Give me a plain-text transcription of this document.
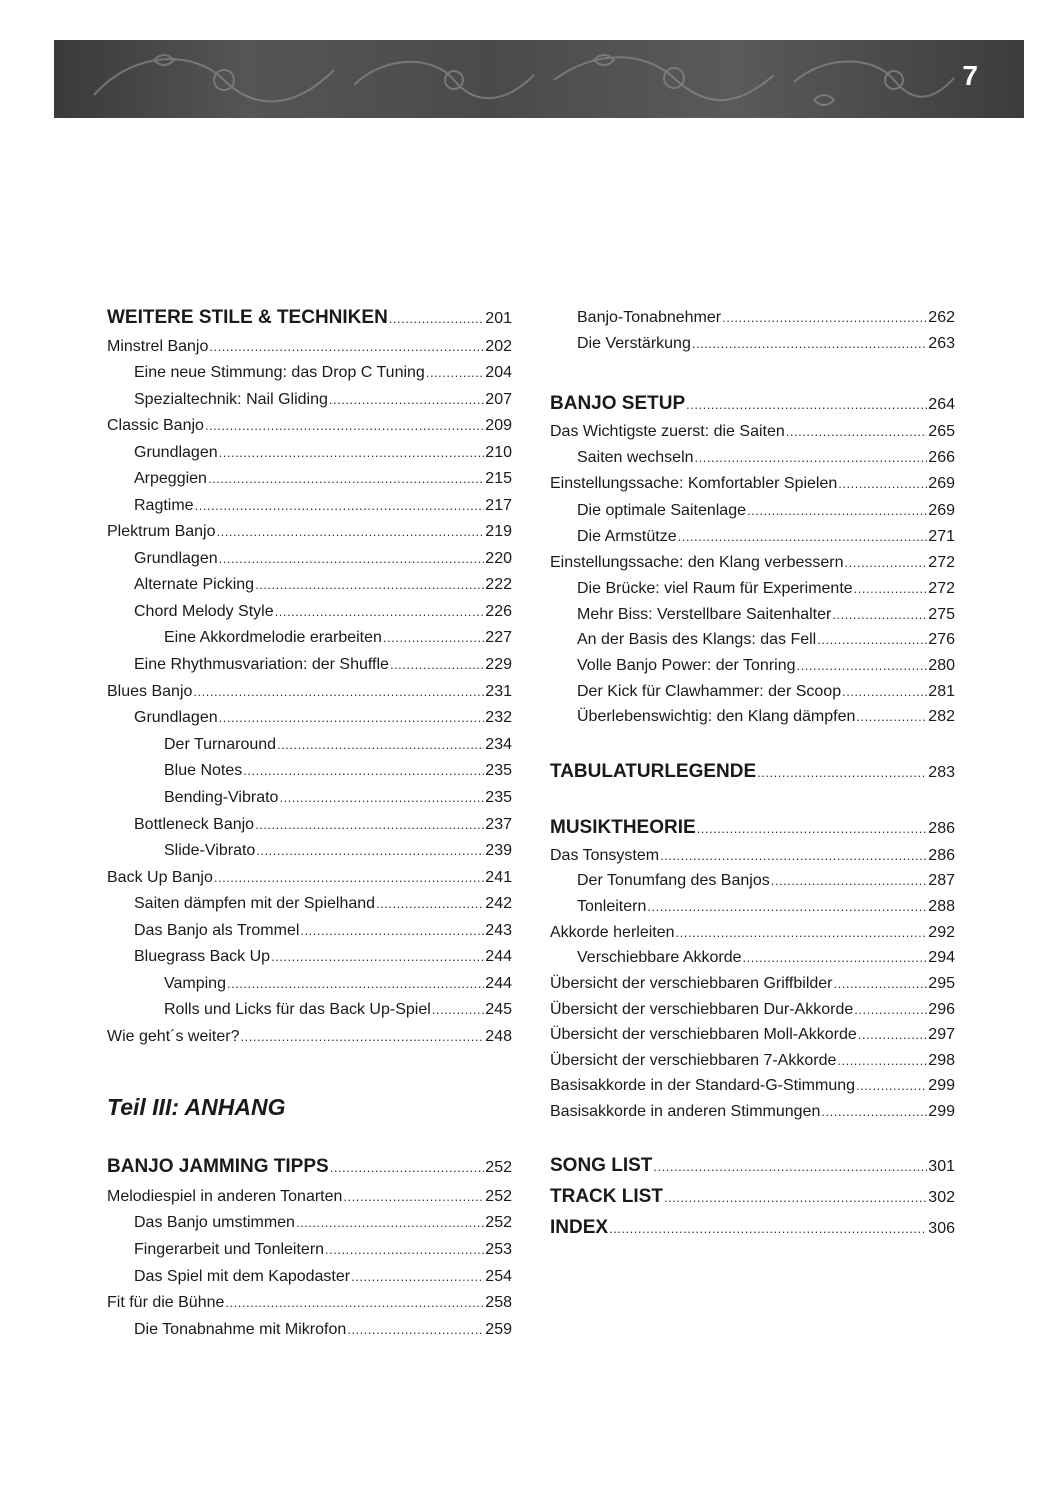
7
WEITERE STILE & TECHNIKEN .....	201
Minstrel Banjo .....	202
Eine neue Stimmung: das Drop C Tuning .....	204
Spezialtechnik: Nail Gliding .....	207
Classic Banjo .....	209
Grundlagen .....	210
Arpeggien .....	215
Ragtime .....	217
Plektrum Banjo .....	219
Grundlagen .....	220
Alternate Picking .....	222
Chord Melody Style .....	226
Eine Akkordmelodie erarbeiten .....	227
Eine Rhythmusvariation: der Shuffle .....	229
Blues Banjo .....	231
Grundlagen .....	232
Der Turnaround .....	234
Blue Notes .....	235
Bending-Vibrato .....	235
Bottleneck Banjo .....	237
Slide-Vibrato .....	239
Back Up Banjo .....	241
Saiten dämpfen mit der Spielhand .....	242
Das Banjo als Trommel .....	243
Bluegrass Back Up .....	244
Vamping .....	244
Rolls und Licks für das Back Up-Spiel .....	245
Wie geht´s weiter? .....	248
BANJO JAMMING TIPPS .....	252
Melodiespiel in anderen Tonarten .....	252
Das Banjo umstimmen .....	252
Fingerarbeit und Tonleitern .....	253
Das Spiel mit dem Kapodaster .....	254
Fit für die Bühne .....	258
Die Tonabnahme mit Mikrofon .....	259
Teil III: ANHANG
Banjo-Tonabnehmer .....	262
Die Verstärkung .....	263
BANJO SETUP .....	264
Das Wichtigste zuerst: die Saiten .....	265
Saiten wechseln .....	266
Einstellungssache: Komfortabler Spielen .....	269
Die optimale Saitenlage .....	269
Die Armstütze .....	271
Einstellungssache: den Klang verbessern .....	272
Die Brücke: viel Raum für Experimente .....	272
Mehr Biss: Verstellbare Saitenhalter .....	275
An der Basis des Klangs: das Fell .....	276
Volle Banjo Power: der Tonring .....	280
Der Kick für Clawhammer: der Scoop .....	281
Überlebenswichtig: den Klang dämpfen .....	282
TABULATURLEGENDE .....	283
MUSIKTHEORIE .....	286
Das Tonsystem .....	286
Der Tonumfang des Banjos .....	287
Tonleitern .....	288
Akkorde herleiten .....	292
Verschiebbare Akkorde .....	294
Übersicht der verschiebbaren Griffbilder .....	295
Übersicht der verschiebbaren Dur-Akkorde .....	296
Übersicht der verschiebbaren Moll-Akkorde .....	297
Übersicht der verschiebbaren 7-Akkorde .....	298
Basisakkorde in der Standard-G-Stimmung .....	299
Basisakkorde in anderen Stimmungen .....	299
SONG LIST .....	301
TRACK LIST .....	302
INDEX .....	306
